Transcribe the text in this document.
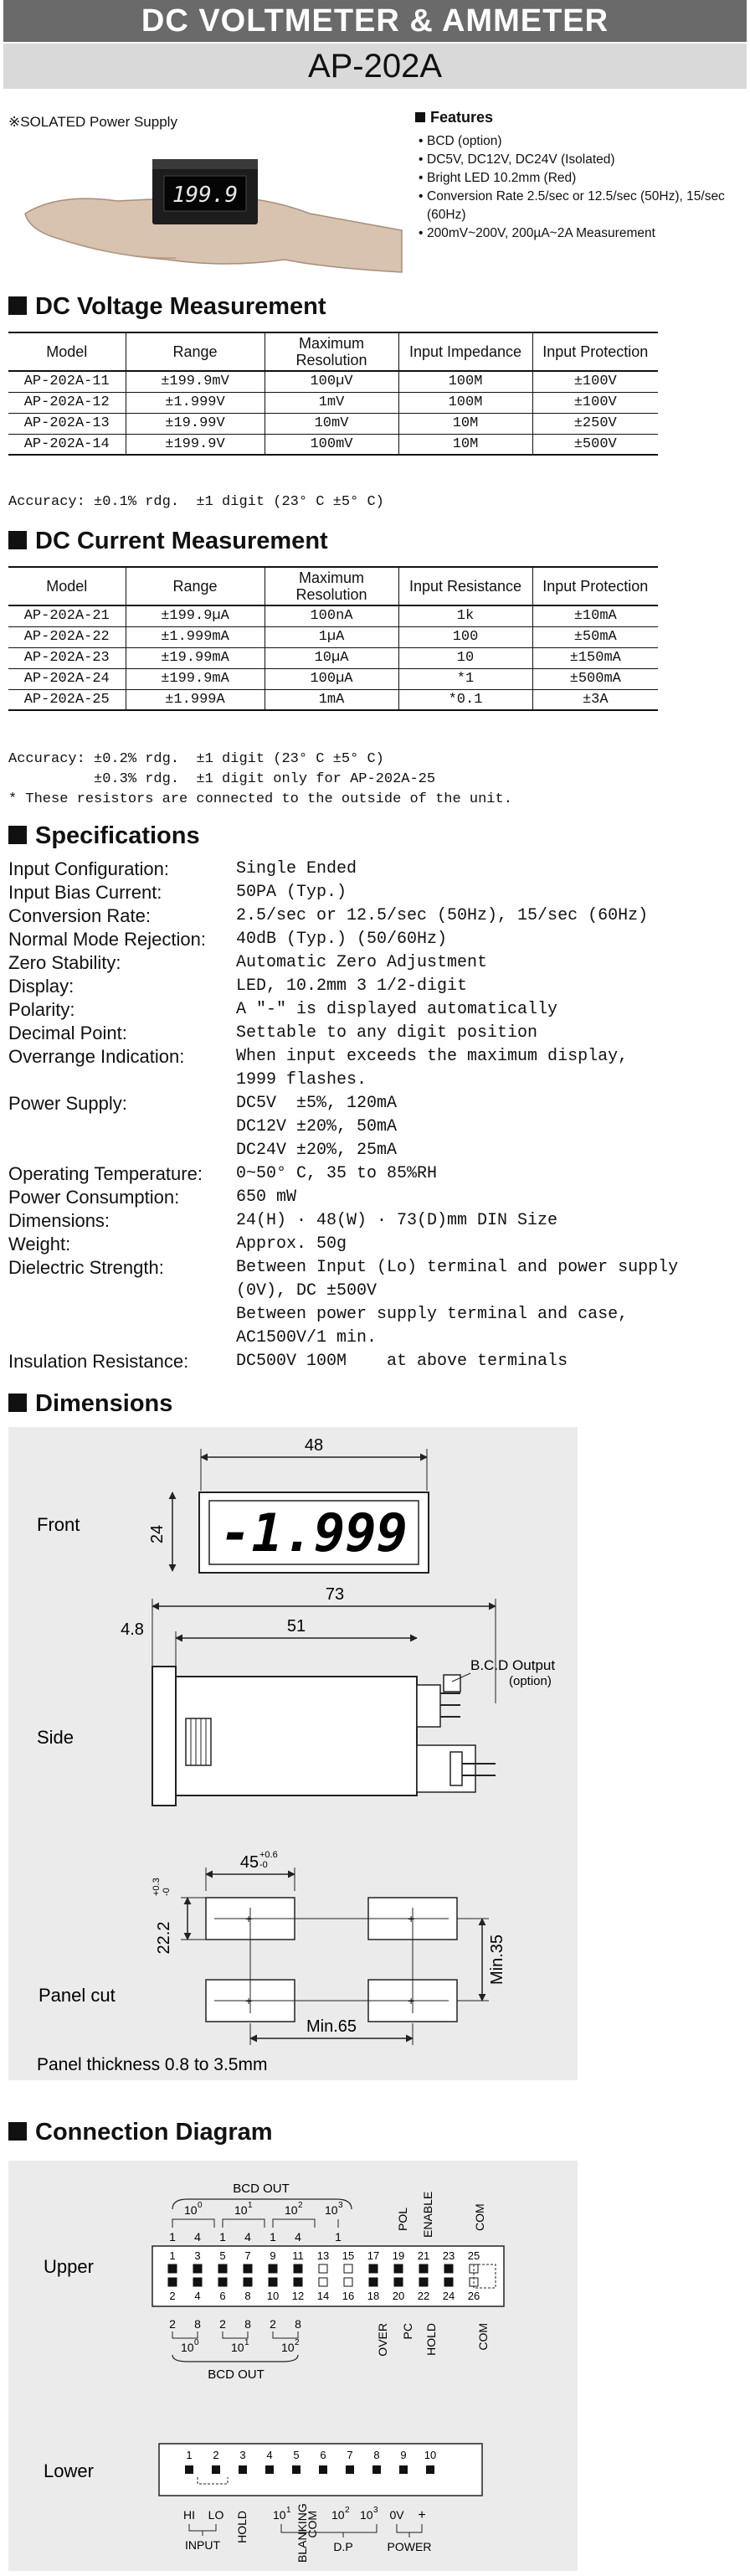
DC VOLTMETER & AMMETER
AP-202A
※SOLATED Power Supply
199.9
Features
• BCD (option)
• DC5V, DC12V, DC24V (Isolated)
• Bright LED 10.2mm (Red)
• Conversion Rate 2.5/sec or 12.5/sec (50Hz), 15/sec (60Hz)
• 200mV~200V, 200µA~2A Measurement
DC Voltage Measurement
Model	Range	Maximum Resolution	Input Impedance	Input Protection
AP-202A-11	±199.9mV	100µV	100M	±100V
AP-202A-12	±1.999V	1mV	100M	±100V
AP-202A-13	±19.99V	10mV	10M	±250V
AP-202A-14	±199.9V	100mV	10M	±500V
Accuracy: ±0.1% rdg.  ±1 digit (23° C ±5° C)
DC Current Measurement
Model	Range	Maximum Resolution	Input Resistance	Input Protection
AP-202A-21	±199.9µA	100nA	1k	±10mA
AP-202A-22	±1.999mA	1µA	100	±50mA
AP-202A-23	±19.99mA	10µA	10	±150mA
AP-202A-24	±199.9mA	100µA	*1	±500mA
AP-202A-25	±1.999A	1mA	*0.1	±3A
Accuracy: ±0.2% rdg.  ±1 digit (23° C ±5° C)
±0.3% rdg.  ±1 digit only for AP-202A-25
* These resistors are connected to the outside of the unit.
Specifications
Input Configuration:	Single Ended
Input Bias Current:	50PA (Typ.)
Conversion Rate:	2.5/sec or 12.5/sec (50Hz), 15/sec (60Hz)
Normal Mode Rejection:	40dB (Typ.) (50/60Hz)
Zero Stability:	Automatic Zero Adjustment
Display:	LED, 10.2mm 3 1/2-digit
Polarity:	A "-" is displayed automatically
Decimal Point:	Settable to any digit position
Overrange Indication:	When input exceeds the maximum display,
1999 flashes.
Power Supply:	DC5V  ±5%, 120mA
DC12V ±20%, 50mA
DC24V ±20%, 25mA
Operating Temperature:	0~50° C, 35 to 85%RH
Power Consumption:	650 mW
Dimensions:	24(H) · 48(W) · 73(D)mm DIN Size
Weight:	Approx. 50g
Dielectric Strength:	Between Input (Lo) terminal and power supply
(0V), DC ±500V
Between power supply terminal and case,
AC1500V/1 min.
Insulation Resistance:	DC500V 100M    at above terminals
Dimensions
Front
48
24 -1.999
Side
73
51
4.8
B.C.D Output
(option)
Panel cut
45 +0.6
-0
22.2
+0.3 -0
+	+
+	+
Min.35
Min.65
Panel thickness 0.8 to 3.5mm
Connection Diagram
Upper
Lower
BCD OUT
10 0	10 1	10 2 10 3
1 4 1 4 1 4	1
POL ENABLE	COM
1 3 5 7 9 11 13 15 17 19 21 23 25
2 4 6 8 10 12 14 16 18 20 22 24 26
2 8 2 8 2 8
10 0	10 1	10 2
BCD OUT
OVER PC HOLD	COM
1 2 3 4 5 6 7 8 9 10
HI LO HOLD 10 1
COM 10 2 10 3 0V +
INPUT	BLANKING D.P	POWER
